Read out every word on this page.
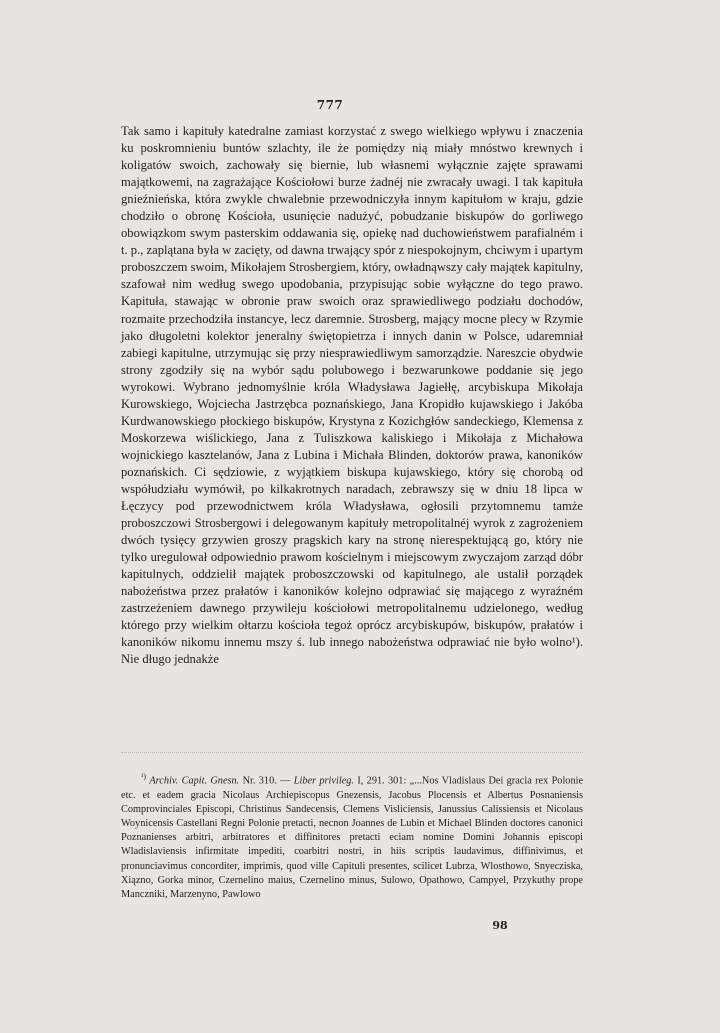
777

Tak samo i kapituły katedralne zamiast korzystać z swego wielkiego wpływu i znaczenia ku poskromnieniu buntów szlachty, ile że pomiędzy nią miały mnóstwo krewnych i koligatów swoich, zachowały się biernie, lub własnemi wyłącznie zajęte sprawami majątkowemi, na zagrażające Kościołowi burze żadnéj nie zwracały uwagi. I tak kapituła gnieźnieńska, która zwykle chwalebnie przewodniczyła innym kapitułom w kraju, gdzie chodziło o obronę Kościoła, usunięcie nadużyć, pobudzanie biskupów do gorliwego obowiązkom swym pasterskim oddawania się, opiekę nad duchowieństwem parafialném i t. p., zaplątana była w zacięty, od dawna trwający spór z niespokojnym, chciwym i upartym proboszczem swoim, Mikołajem Strosbergiem, który, owładnąwszy cały majątek kapitulny, szafował nim według swego upodobania, przypisując sobie wyłączne do tego prawo. Kapituła, stawając w obronie praw swoich oraz sprawiedliwego podziału dochodów, rozmaite przechodziła instancye, lecz daremnie. Strosberg, mający mocne plecy w Rzymie jako długoletni kolektor jeneralny świętopietrza i innych danin w Polsce, udaremniał zabiegi kapitulne, utrzymując się przy niesprawiedliwym samorządzie. Nareszcie obydwie strony zgodziły się na wybór sądu polubowego i bezwarunkowe poddanie się jego wyrokowi. Wybrano jednomyślnie króla Władysława Jagiełłę, arcybiskupa Mikołaja Kurowskiego, Wojciecha Jastrzębca poznańskiego, Jana Kropidło kujawskiego i Jakóba Kurdwanowskiego płockiego biskupów, Krystyna z Kozichgłów sandeckiego, Klemensa z Moskorzewa wiślickiego, Jana z Tuliszkowa kaliskiego i Mikołaja z Michałowa wojnickiego kasztelanów, Jana z Lubina i Michała Blinden, doktorów prawa, kanoników poznańskich. Ci sędziowie, z wyjątkiem biskupa kujawskiego, który się chorobą od współudziału wymówił, po kilkakrotnych naradach, zebrawszy się w dniu 18 lipca w Łęczycy pod przewodnictwem króla Władysława, ogłosili przytomnemu tamże proboszczowi Strosbergowi i delegowanym kapituły metropolitalnéj wyrok z zagrożeniem dwóch tysięcy grzywien groszy pragskich kary na stronę nierespektującą go, który nie tylko uregulował odpowiednio prawom kościelnym i miejscowym zwyczajom zarząd dóbr kapitulnych, oddzielił majątek proboszczowski od kapitulnego, ale ustalił porządek nabożeństwa przez prałatów i kanoników kolejno odprawiać się mającego z wyraźném zastrzeżeniem dawnego przywileju kościołowi metropolitalnemu udzielonego, według którego przy wielkim ołtarzu kościoła tegoż oprócz arcybiskupów, biskupów, prałatów i kanoników nikomu innemu mszy ś. lub innego nabożeństwa odprawiać nie było wolno¹). Nie długo jednakże

$^{^1)}$ Archiv. Capit. Gnesn. Nr. 310. — Liber privileg. I, 291. 301: „...Nos Vladislaus Dei gracia rex Polonie etc. et eadem gracia Nicolaus Archiepiscopus Gnezensis, Jacobus Plocensis et Albertus Posnaniensis Comprovinciales Episcopi, Christinus Sandecensis, Clemens Visliciensis, Janussius Calissiensis et Nicolaus Woynicensis Castellani Regni Polonie pretacti, necnon Joannes de Lubin et Michael Blinden doctores canonici Poznanienses arbitri, arbitratores et diffinitores pretacti eciam nomine Domini Johannis episcopi Wladislaviensis infirmitate impediti, coarbitri nostri, in hiis scriptis laudavimus, diffinivimus, et pronunciavimus concorditer, imprimis, quod ville Capituli presentes, scilicet Lubrza, Wlosthowo, Snyecziska, Xiązno, Gorka minor, Czernelino maius, Czernelino minus, Sulowo, Opathowo, Campyel, Przykuthy prope Manczniki, Marzenyno, Pawlowo

98
